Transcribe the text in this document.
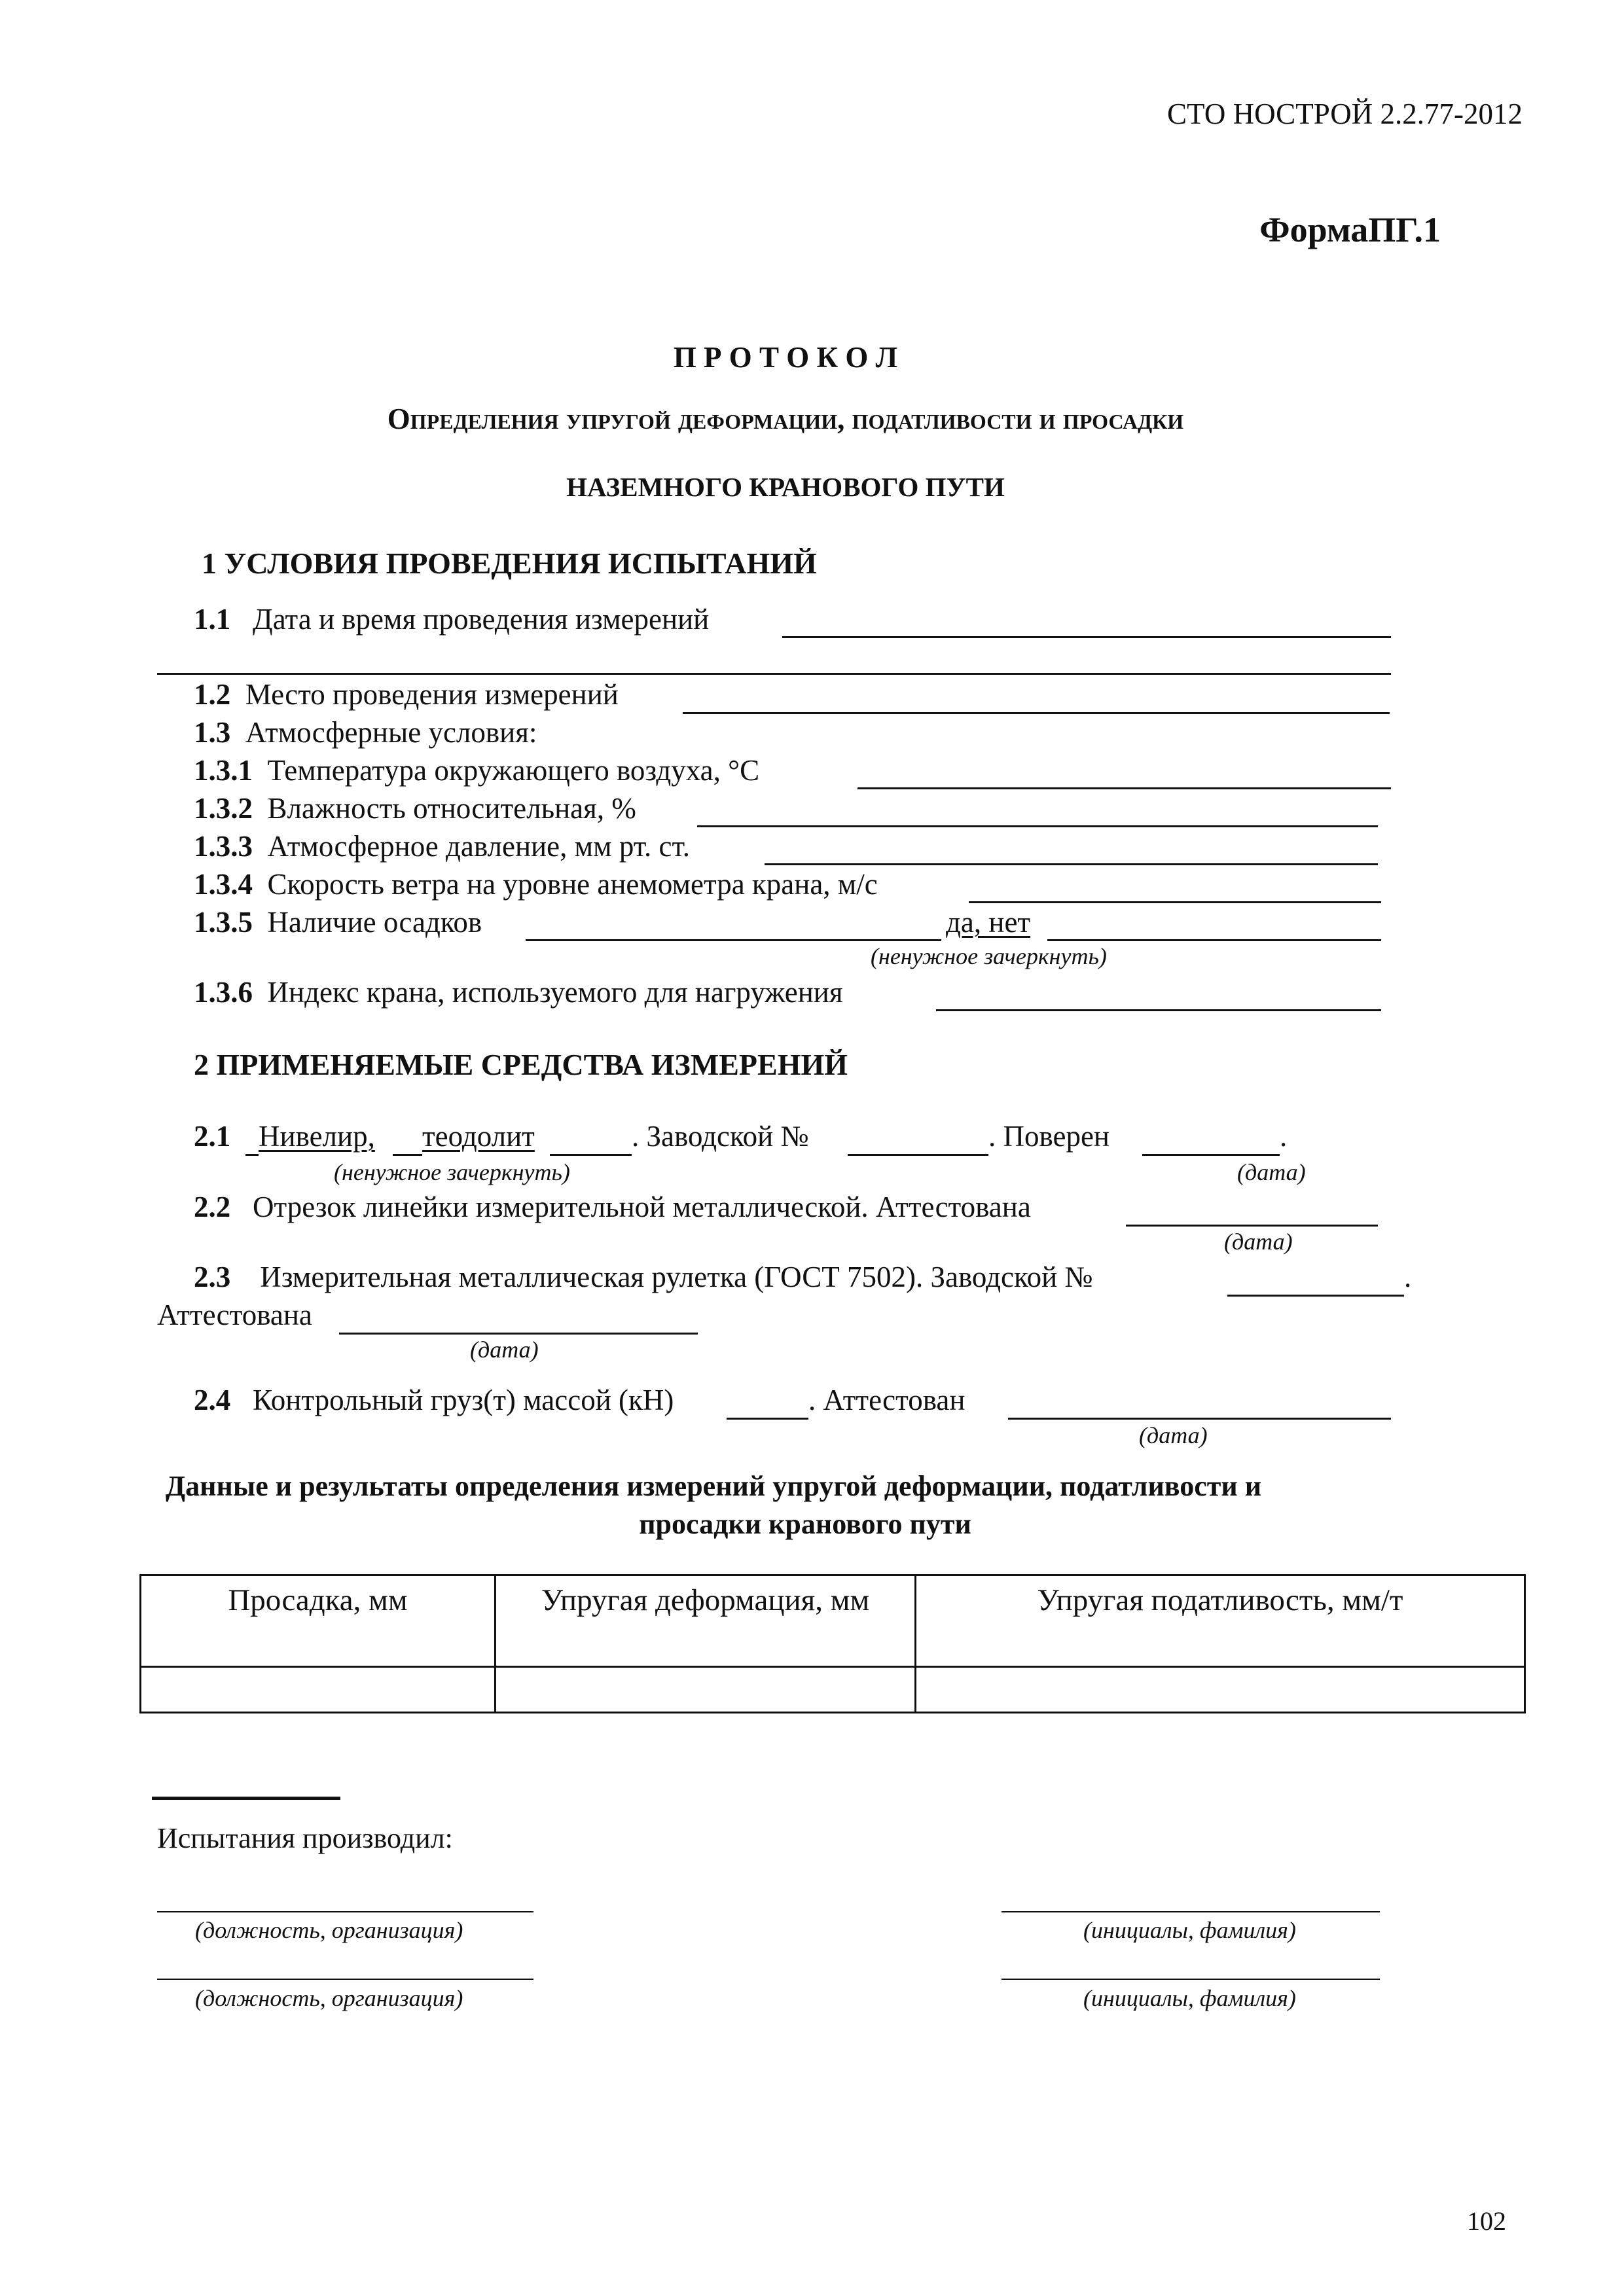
СТО НОСТРОЙ 2.2.77-2012
ФормаПГ.1
П Р О Т О К О Л
Определения упругой деформации, податливости и просадки
НАЗЕМНОГО КРАНОВОГО ПУТИ
1 УСЛОВИЯ ПРОВЕДЕНИЯ ИСПЫТАНИЙ
1.1 Дата и время проведения измерений
1.2 Место проведения измерений
1.3 Атмосферные условия:
1.3.1 Температура окружающего воздуха, °С
1.3.2 Влажность относительная, %
1.3.3 Атмосферное давление, мм рт. ст.
1.3.4 Скорость ветра на уровне анемометра крана, м/с
1.3.5 Наличие осадков	да, нет
(ненужное зачеркнуть)
1.3.6 Индекс крана, используемого для нагружения
2 ПРИМЕНЯЕМЫЕ СРЕДСТВА ИЗМЕРЕНИЙ
2.1 Нивелир, теодолит	. Заводской №	. Поверен	.
(ненужное зачеркнуть)	(дата)
2.2 Отрезок линейки измерительной металлической. Аттестована
(дата)
2.3 Измерительная металлическая рулетка (ГОСТ 7502). Заводской №	.
Аттестована
(дата)
2.4 Контрольный груз(т) массой (кН)	. Аттестован
(дата)
Данные и результаты определения измерений упругой деформации, податливости и
просадки кранового пути
Просадка, мм	Упругая деформация, мм	Упругая податливость, мм/т

Испытания производил:
(должность, организация)	(инициалы, фамилия)
(должность, организация)	(инициалы, фамилия)
102
